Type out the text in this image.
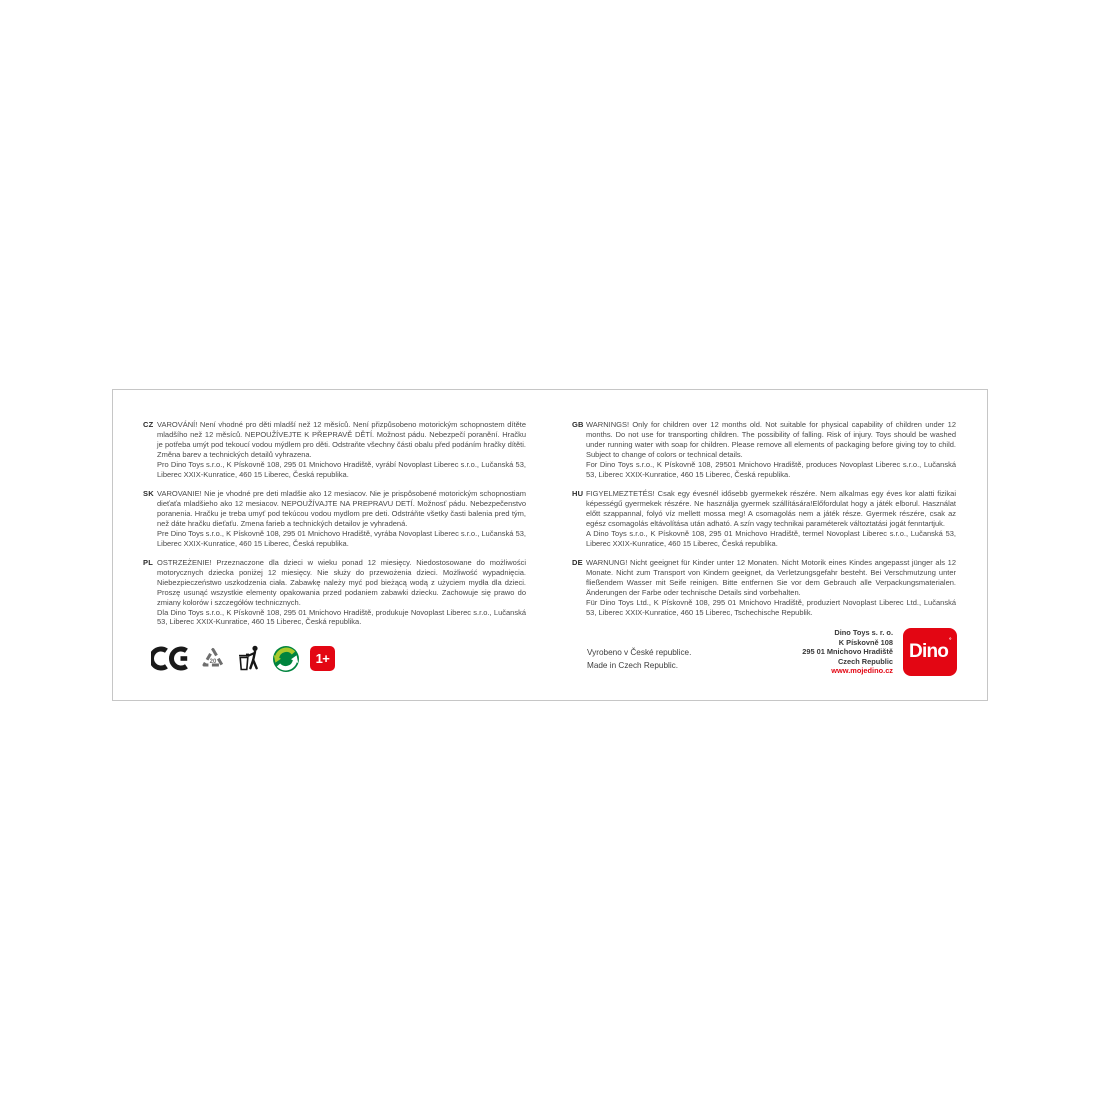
CZ VAROVÁNÍ! Není vhodné pro děti mladší než 12 měsíců. Není přizpůsobeno motorickým schopnostem dítěte mladšího než 12 měsíců. NEPOUŽÍVEJTE K PŘEPRAVĚ DĚTÍ. Možnost pádu. Nebezpečí poranění. Hračku je potřeba umýt pod tekoucí vodou mýdlem pro děti. Odstraňte všechny části obalu před podáním hračky dítěti. Změna barev a technických detailů vyhrazena.

Pro Dino Toys s.r.o., K Pískovně 108, 295 01 Mnichovo Hradiště, vyrábí Novoplast Liberec s.r.o., Lučanská 53, Liberec XXIX-Kunratice, 460 15 Liberec, Česká republika.

SK VAROVANIE! Nie je vhodné pre deti mladšie ako 12 mesiacov. Nie je prispôsobené motorickým schopnostiam dieťaťa mladšieho ako 12 mesiacov. NEPOUŽÍVAJTE NA PREPRAVU DETÍ. Možnosť pádu. Nebezpečenstvo poranenia. Hračku je treba umyť pod tekúcou vodou mydlom pre deti. Odstráňte všetky časti balenia pred tým, než dáte hračku dieťaťu. Zmena farieb a technických detailov je vyhradená.

Pre Dino Toys s.r.o., K Pískovně 108, 295 01 Mnichovo Hradiště, vyrába Novoplast Liberec s.r.o., Lučanská 53, Liberec XXIX-Kunratice, 460 15 Liberec, Česká republika.

PL OSTRZEŻENIE! Przeznaczone dla dzieci w wieku ponad 12 miesięcy. Niedostosowane do możliwości motorycznych dziecka poniżej 12 miesięcy. Nie służy do przewożenia dzieci. Możliwość wypadnięcia. Niebezpieczeństwo uszkodzenia ciała. Zabawkę należy myć pod bieżącą wodą z użyciem mydła dla dzieci. Proszę usunąć wszystkie elementy opakowania przed podaniem zabawki dziecku. Zachowuje się prawo do zmiany kolorów i szczegółów technicznych.

Dla Dino Toys s.r.o., K Pískovně 108, 295 01 Mnichovo Hradiště, produkuje Novoplast Liberec s.r.o., Lučanská 53, Liberec XXIX-Kunratice, 460 15 Liberec, Česká republika.

GB WARNINGS! Only for children over 12 months old. Not suitable for physical capability of children under 12 months. Do not use for transporting children. The possibility of falling. Risk of injury. Toys should be washed under running water with soap for children. Please remove all elements of packaging before giving toy to child. Subject to change of colors or technical details.

For Dino Toys s.r.o., K Pískovně 108, 29501 Mnichovo Hradiště, produces Novoplast Liberec s.r.o., Lučanská 53, Liberec XXIX-Kunratice, 460 15 Liberec, Česká republika.

HU FIGYELMEZTETÉS! Csak egy évesnél idősebb gyermekek részére. Nem alkalmas egy éves kor alatti fizikai képességű gyermekek részére. Ne használja gyermek szállítására!Előfordulat hogy a játék elborul. Használat előtt szappannal, folyó víz mellett mossa meg! A csomagolás nem a játék része. Gyermek részére, csak az egész csomagolás eltávolítása után adható. A szín vagy technikai paraméterek változtatási jogát fenntartjuk.

A Dino Toys s.r.o., K Pískovně 108, 295 01 Mnichovo Hradiště, termel Novoplast Liberec s.r.o., Lučanská 53, Liberec XXIX-Kunratice, 460 15 Liberec, Česká republika.

DE WARNUNG! Nicht geeignet für Kinder unter 12 Monaten. Nicht Motorik eines Kindes angepasst jünger als 12 Monate. Nicht zum Transport von Kindern geeignet, da Verletzungsgefahr besteht. Bei Verschmutzung unter fließendem Wasser mit Seife reinigen. Bitte entfernen Sie vor dem Gebrauch alle Verpackungsmaterialen. Änderungen der Farbe oder technische Details sind vorbehalten.

Für Dino Toys Ltd., K Pískovně 108, 295 01 Mnichovo Hradiště, produziert Novoplast Liberec Ltd., Lučanská 53, Liberec XXIX-Kunratice, 460 15 Liberec, Tschechische Republik.

20	1+	Vyrobeno v České republice.
Made in Czech Republic.
Dino Toys s. r. o.
K Pískovně 108
295 01 Mnichovo Hradiště
Czech Republic
www.mojedino.cz
Dino ˚
